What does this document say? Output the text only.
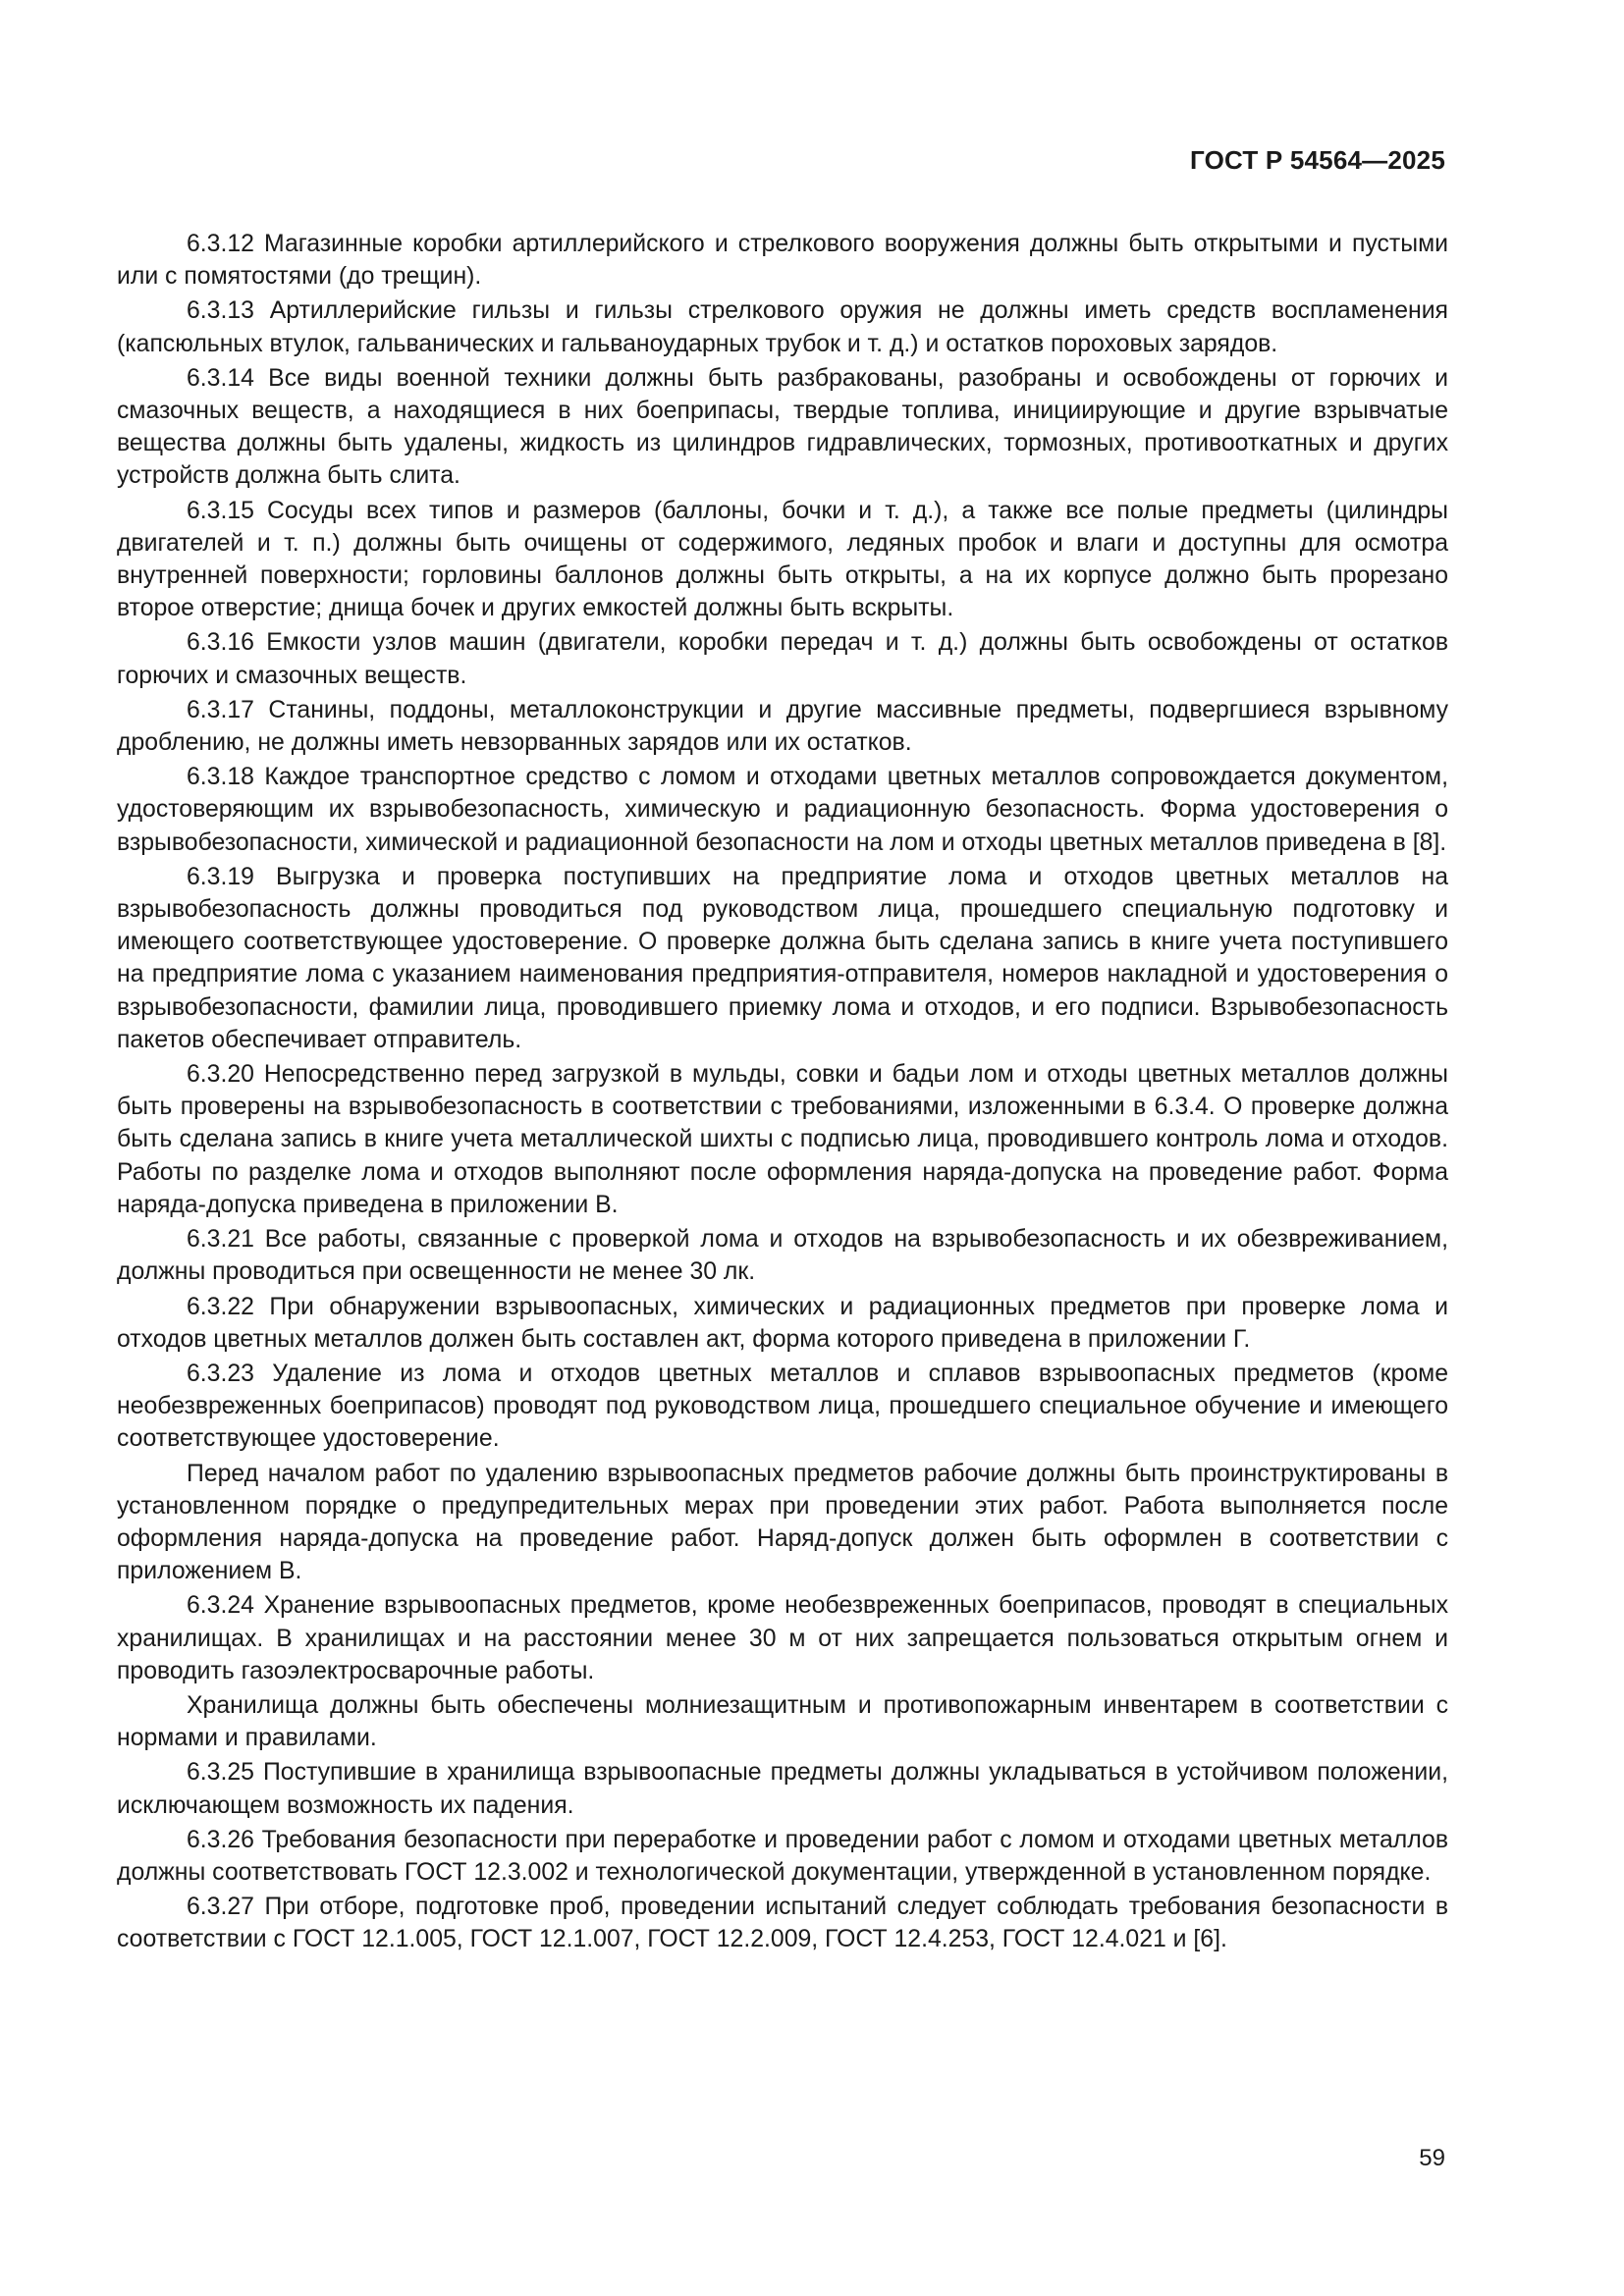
ГОСТ Р 54564—2025

6.3.12 Магазинные коробки артиллерийского и стрелкового вооружения должны быть открытыми и пустыми или с помятостями (до трещин).

6.3.13 Артиллерийские гильзы и гильзы стрелкового оружия не должны иметь средств воспламенения (капсюльных втулок, гальванических и гальваноударных трубок и т. д.) и остатков пороховых зарядов.

6.3.14 Все виды военной техники должны быть разбракованы, разобраны и освобождены от горючих и смазочных веществ, а находящиеся в них боеприпасы, твердые топлива, инициирующие и другие взрывчатые вещества должны быть удалены, жидкость из цилиндров гидравлических, тормозных, противооткатных и других устройств должна быть слита.

6.3.15 Сосуды всех типов и размеров (баллоны, бочки и т. д.), а также все полые предметы (цилиндры двигателей и т. п.) должны быть очищены от содержимого, ледяных пробок и влаги и доступны для осмотра внутренней поверхности; горловины баллонов должны быть открыты, а на их корпусе должно быть прорезано второе отверстие; днища бочек и других емкостей должны быть вскрыты.

6.3.16 Емкости узлов машин (двигатели, коробки передач и т. д.) должны быть освобождены от остатков горючих и смазочных веществ.

6.3.17 Станины, поддоны, металлоконструкции и другие массивные предметы, подвергшиеся взрывному дроблению, не должны иметь невзорванных зарядов или их остатков.

6.3.18 Каждое транспортное средство с ломом и отходами цветных металлов сопровождается документом, удостоверяющим их взрывобезопасность, химическую и радиационную безопасность. Форма удостоверения о взрывобезопасности, химической и радиационной безопасности на лом и отходы цветных металлов приведена в [8].

6.3.19 Выгрузка и проверка поступивших на предприятие лома и отходов цветных металлов на взрывобезопасность должны проводиться под руководством лица, прошедшего специальную подготовку и имеющего соответствующее удостоверение. О проверке должна быть сделана запись в книге учета поступившего на предприятие лома с указанием наименования предприятия-отправителя, номеров накладной и удостоверения о взрывобезопасности, фамилии лица, проводившего приемку лома и отходов, и его подписи. Взрывобезопасность пакетов обеспечивает отправитель.

6.3.20 Непосредственно перед загрузкой в мульды, совки и бадьи лом и отходы цветных металлов должны быть проверены на взрывобезопасность в соответствии с требованиями, изложенными в 6.3.4. О проверке должна быть сделана запись в книге учета металлической шихты с подписью лица, проводившего контроль лома и отходов. Работы по разделке лома и отходов выполняют после оформления наряда-допуска на проведение работ. Форма наряда-допуска приведена в приложении В.

6.3.21 Все работы, связанные с проверкой лома и отходов на взрывобезопасность и их обезвреживанием, должны проводиться при освещенности не менее 30 лк.

6.3.22 При обнаружении взрывоопасных, химических и радиационных предметов при проверке лома и отходов цветных металлов должен быть составлен акт, форма которого приведена в приложении Г.

6.3.23 Удаление из лома и отходов цветных металлов и сплавов взрывоопасных предметов (кроме необезвреженных боеприпасов) проводят под руководством лица, прошедшего специальное обучение и имеющего соответствующее удостоверение.

Перед началом работ по удалению взрывоопасных предметов рабочие должны быть проинструктированы в установленном порядке о предупредительных мерах при проведении этих работ. Работа выполняется после оформления наряда-допуска на проведение работ. Наряд-допуск должен быть оформлен в соответствии с приложением В.

6.3.24 Хранение взрывоопасных предметов, кроме необезвреженных боеприпасов, проводят в специальных хранилищах. В хранилищах и на расстоянии менее 30 м от них запрещается пользоваться открытым огнем и проводить газоэлектросварочные работы.

Хранилища должны быть обеспечены молниезащитным и противопожарным инвентарем в соответствии с нормами и правилами.

6.3.25 Поступившие в хранилища взрывоопасные предметы должны укладываться в устойчивом положении, исключающем возможность их падения.

6.3.26 Требования безопасности при переработке и проведении работ с ломом и отходами цветных металлов должны соответствовать ГОСТ 12.3.002 и технологической документации, утвержденной в установленном порядке.

6.3.27 При отборе, подготовке проб, проведении испытаний следует соблюдать требования безопасности в соответствии с ГОСТ 12.1.005, ГОСТ 12.1.007, ГОСТ 12.2.009, ГОСТ 12.4.253, ГОСТ 12.4.021 и [6].

59
